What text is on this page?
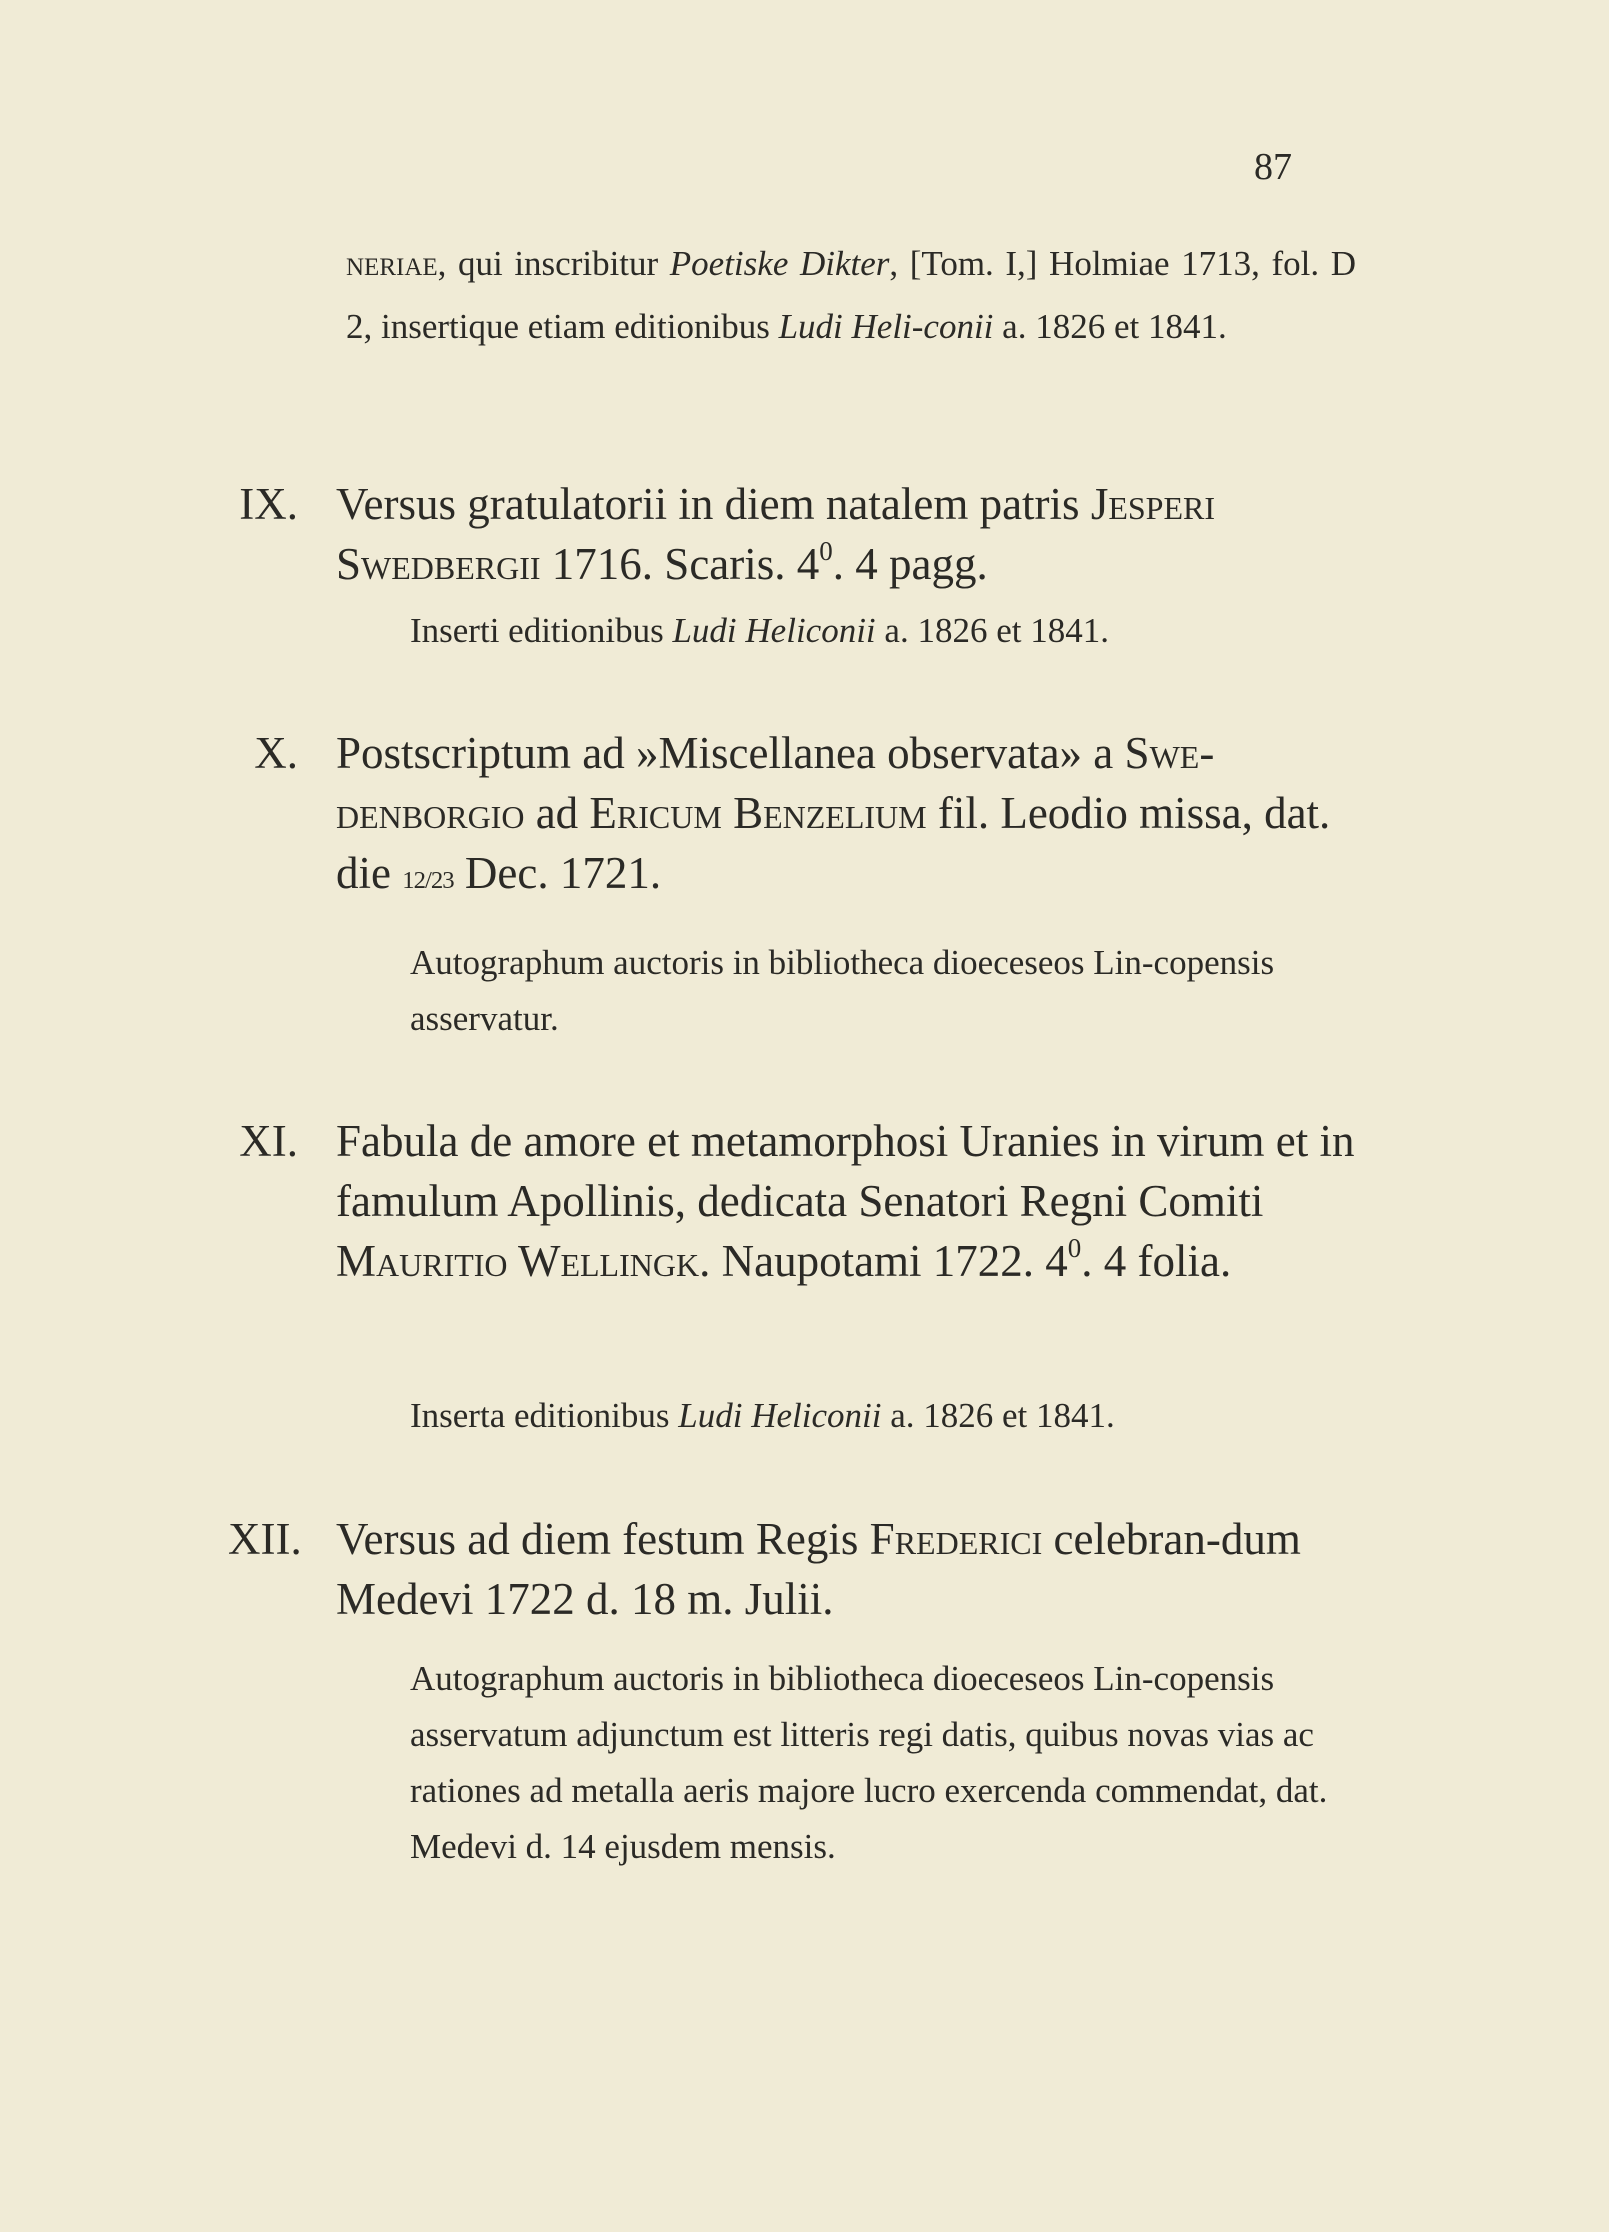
87
neriae, qui inscribitur Poetiske Dikter, [Tom. I,] Holmiae 1713, fol. D 2, insertique etiam editionibus Ludi Heli-conii a. 1826 et 1841.
IX. Versus gratulatorii in diem natalem patris Jesperi Swedbergii 1716. Scaris. $4^0$. 4 pagg.
Inserti editionibus Ludi Heliconii a. 1826 et 1841.
X. Postscriptum ad »Miscellanea observata» a Swe-denborgio ad Ericum Benzelium fil. Leodio missa, dat. die 12/23 Dec. 1721.
Autographum auctoris in bibliotheca dioeceseos Lin-copensis asservatur.
XI. Fabula de amore et metamorphosi Uranies in virum et in famulum Apollinis, dedicata Senatori Regni Comiti Mauritio Wellingk. Naupotami 1722. $4^0$. 4 folia.
Inserta editionibus Ludi Heliconii a. 1826 et 1841.
XII. Versus ad diem festum Regis Frederici celebran-dum Medevi 1722 d. 18 m. Julii.
Autographum auctoris in bibliotheca dioeceseos Lin-copensis asservatum adjunctum est litteris regi datis, quibus novas vias ac rationes ad metalla aeris majore lucro exercenda commendat, dat. Medevi d. 14 ejusdem mensis.
